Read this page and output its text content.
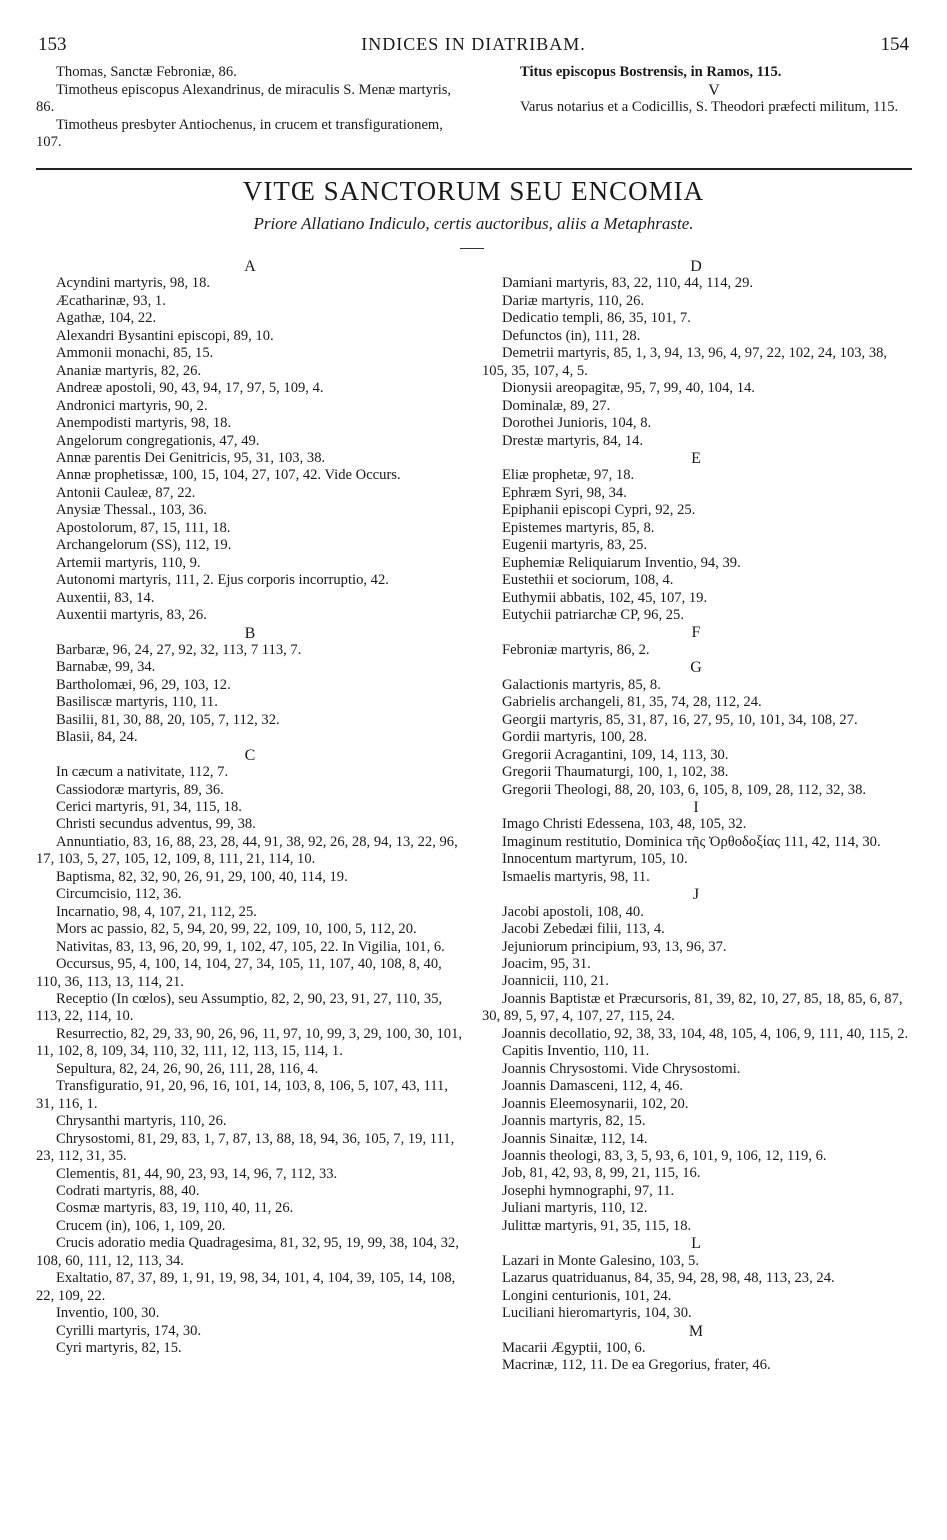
153	INDICES IN DIATRIBAM.	154

Thomas, Sanctæ Febroniæ, 86.

Timotheus episcopus Alexandrinus, de miraculis S. Menæ martyris, 86.

Timotheus presbyter Antiochenus, in crucem et transfigurationem, 107.

Titus episcopus Bostrensis, in Ramos, 115.

V

Varus notarius et a Codicillis, S. Theodori præfecti militum, 115.

VITŒ SANCTORUM SEU ENCOMIA
Priore Allatiano Indiculo, certis auctoribus, aliis a Metaphraste.
A

Acyndini martyris, 98, 18.

Æcatharinæ, 93, 1.

Agathæ, 104, 22.

Alexandri Bysantini episcopi, 89, 10.

Ammonii monachi, 85, 15.

Ananiæ martyris, 82, 26.

Andreæ apostoli, 90, 43, 94, 17, 97, 5, 109, 4.

Andronici martyris, 90, 2.

Anempodisti martyris, 98, 18.

Angelorum congregationis, 47, 49.

Annæ parentis Dei Genitricis, 95, 31, 103, 38.

Annæ prophetissæ, 100, 15, 104, 27, 107, 42. Vide Occurs.

Antonii Cauleæ, 87, 22.

Anysiæ Thessal., 103, 36.

Apostolorum, 87, 15, 111, 18.

Archangelorum (SS), 112, 19.

Artemii martyris, 110, 9.

Autonomi martyris, 111, 2. Ejus corporis incorruptio, 42.

Auxentii, 83, 14.

Auxentii martyris, 83, 26.

B

Barbaræ, 96, 24, 27, 92, 32, 113, 7 113, 7.

Barnabæ, 99, 34.

Bartholomæi, 96, 29, 103, 12.

Basiliscæ martyris, 110, 11.

Basilii, 81, 30, 88, 20, 105, 7, 112, 32.

Blasii, 84, 24.

C

In cæcum a nativitate, 112, 7.

Cassiodoræ martyris, 89, 36.

Cerici martyris, 91, 34, 115, 18.

Christi secundus adventus, 99, 38.

Annuntiatio, 83, 16, 88, 23, 28, 44, 91, 38, 92, 26, 28, 94, 13, 22, 96, 17, 103, 5, 27, 105, 12, 109, 8, 111, 21, 114, 10.

Baptisma, 82, 32, 90, 26, 91, 29, 100, 40, 114, 19.

Circumcisio, 112, 36.

Incarnatio, 98, 4, 107, 21, 112, 25.

Mors ac passio, 82, 5, 94, 20, 99, 22, 109, 10, 100, 5, 112, 20.

Nativitas, 83, 13, 96, 20, 99, 1, 102, 47, 105, 22. In Vigilia, 101, 6.

Occursus, 95, 4, 100, 14, 104, 27, 34, 105, 11, 107, 40, 108, 8, 40, 110, 36, 113, 13, 114, 21.

Receptio (In cœlos), seu Assumptio, 82, 2, 90, 23, 91, 27, 110, 35, 113, 22, 114, 10.

Resurrectio, 82, 29, 33, 90, 26, 96, 11, 97, 10, 99, 3, 29, 100, 30, 101, 11, 102, 8, 109, 34, 110, 32, 111, 12, 113, 15, 114, 1.

Sepultura, 82, 24, 26, 90, 26, 111, 28, 116, 4.

Transfiguratio, 91, 20, 96, 16, 101, 14, 103, 8, 106, 5, 107, 43, 111, 31, 116, 1.

Chrysanthi martyris, 110, 26.

Chrysostomi, 81, 29, 83, 1, 7, 87, 13, 88, 18, 94, 36, 105, 7, 19, 111, 23, 112, 31, 35.

Clementis, 81, 44, 90, 23, 93, 14, 96, 7, 112, 33.

Codrati martyris, 88, 40.

Cosmæ martyris, 83, 19, 110, 40, 11, 26.

Crucem (in), 106, 1, 109, 20.

Crucis adoratio media Quadragesima, 81, 32, 95, 19, 99, 38, 104, 32, 108, 60, 111, 12, 113, 34.

Exaltatio, 87, 37, 89, 1, 91, 19, 98, 34, 101, 4, 104, 39, 105, 14, 108, 22, 109, 22.

Inventio, 100, 30.

Cyrilli martyris, 174, 30.

Cyri martyris, 82, 15.

D

Damiani martyris, 83, 22, 110, 44, 114, 29.

Dariæ martyris, 110, 26.

Dedicatio templi, 86, 35, 101, 7.

Defunctos (in), 111, 28.

Demetrii martyris, 85, 1, 3, 94, 13, 96, 4, 97, 22, 102, 24, 103, 38, 105, 35, 107, 4, 5.

Dionysii areopagitæ, 95, 7, 99, 40, 104, 14.

Dominalæ, 89, 27.

Dorothei Junioris, 104, 8.

Drestæ martyris, 84, 14.

E

Eliæ prophetæ, 97, 18.

Ephræm Syri, 98, 34.

Epiphanii episcopi Cypri, 92, 25.

Epistemes martyris, 85, 8.

Eugenii martyris, 83, 25.

Euphemiæ Reliquiarum Inventio, 94, 39.

Eustethii et sociorum, 108, 4.

Euthymii abbatis, 102, 45, 107, 19.

Eutychii patriarchæ CP, 96, 25.

F

Febroniæ martyris, 86, 2.

G

Galactionis martyris, 85, 8.

Gabrielis archangeli, 81, 35, 74, 28, 112, 24.

Georgii martyris, 85, 31, 87, 16, 27, 95, 10, 101, 34, 108, 27.

Gordii martyris, 100, 28.

Gregorii Acragantini, 109, 14, 113, 30.

Gregorii Thaumaturgi, 100, 1, 102, 38.

Gregorii Theologi, 88, 20, 103, 6, 105, 8, 109, 28, 112, 32, 38.

I

Imago Christi Edessena, 103, 48, 105, 32.

Imaginum restitutio, Dominica τῆς Ὀρθοδοξίας 111, 42, 114, 30.

Innocentum martyrum, 105, 10.

Ismaelis martyris, 98, 11.

J

Jacobi apostoli, 108, 40.

Jacobi Zebedæi filii, 113, 4.

Jejuniorum principium, 93, 13, 96, 37.

Joacim, 95, 31.

Joannicii, 110, 21.

Joannis Baptistæ et Præcursoris, 81, 39, 82, 10, 27, 85, 18, 85, 6, 87, 30, 89, 5, 97, 4, 107, 27, 115, 24.

Joannis decollatio, 92, 38, 33, 104, 48, 105, 4, 106, 9, 111, 40, 115, 2.

Capitis Inventio, 110, 11.

Joannis Chrysostomi. Vide Chrysostomi.

Joannis Damasceni, 112, 4, 46.

Joannis Eleemosynarii, 102, 20.

Joannis martyris, 82, 15.

Joannis Sinaitæ, 112, 14.

Joannis theologi, 83, 3, 5, 93, 6, 101, 9, 106, 12, 119, 6.

Job, 81, 42, 93, 8, 99, 21, 115, 16.

Josephi hymnographi, 97, 11.

Juliani martyris, 110, 12.

Julittæ martyris, 91, 35, 115, 18.

L

Lazari in Monte Galesino, 103, 5.

Lazarus quatriduanus, 84, 35, 94, 28, 98, 48, 113, 23, 24.

Longini centurionis, 101, 24.

Luciliani hieromartyris, 104, 30.

M

Macarii Ægyptii, 100, 6.

Macrinæ, 112, 11. De ea Gregorius, frater, 46.
